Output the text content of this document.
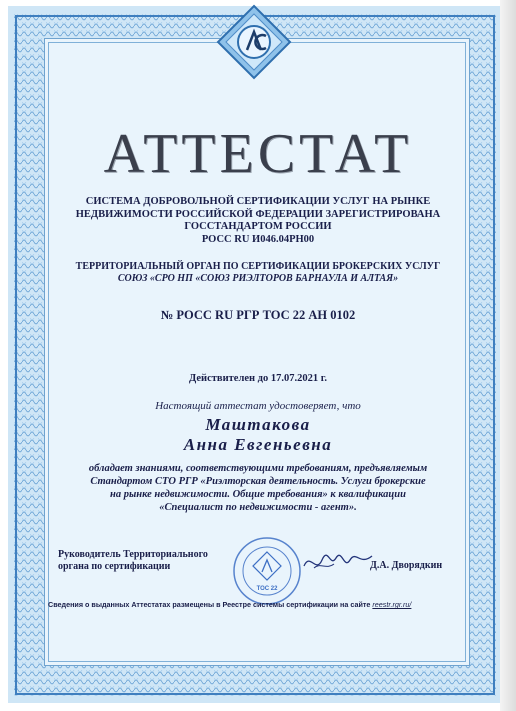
АТТЕСТАТ
СИСТЕМА ДОБРОВОЛЬНОЙ СЕРТИФИКАЦИИ УСЛУГ НА РЫНКЕ
НЕДВИЖИМОСТИ РОССИЙСКОЙ ФЕДЕРАЦИИ ЗАРЕГИСТРИРОВАНА
ГОССТАНДАРТОМ РОССИИ
РОСС RU И046.04РН00
ТЕРРИТОРИАЛЬНЫЙ ОРГАН ПО СЕРТИФИКАЦИИ БРОКЕРСКИХ УСЛУГ
СОЮЗ «СРО НП «СОЮЗ РИЭЛТОРОВ БАРНАУЛА И АЛТАЯ»
№ РОСС RU РГР ТОС 22 АН 0102
Действителен до 17.07.2021 г.
Настоящий аттестат удостоверяет, что
Маштакова
Анна Евгеньевна
обладает знаниями, соответствующими требованиям, предъявляемым
Стандартом СТО РГР «Риэлторская деятельность. Услуги брокерские
на рынке недвижимости. Общие требования» к квалификации
«Специалист по недвижимости - агент».
Руководитель Территориального
органа по сертификации
ТОС 22
Д.А. Дворядкин
Сведения о выданных Аттестатах размещены в Реестре системы сертификации на сайте reestr.rgr.ru/
